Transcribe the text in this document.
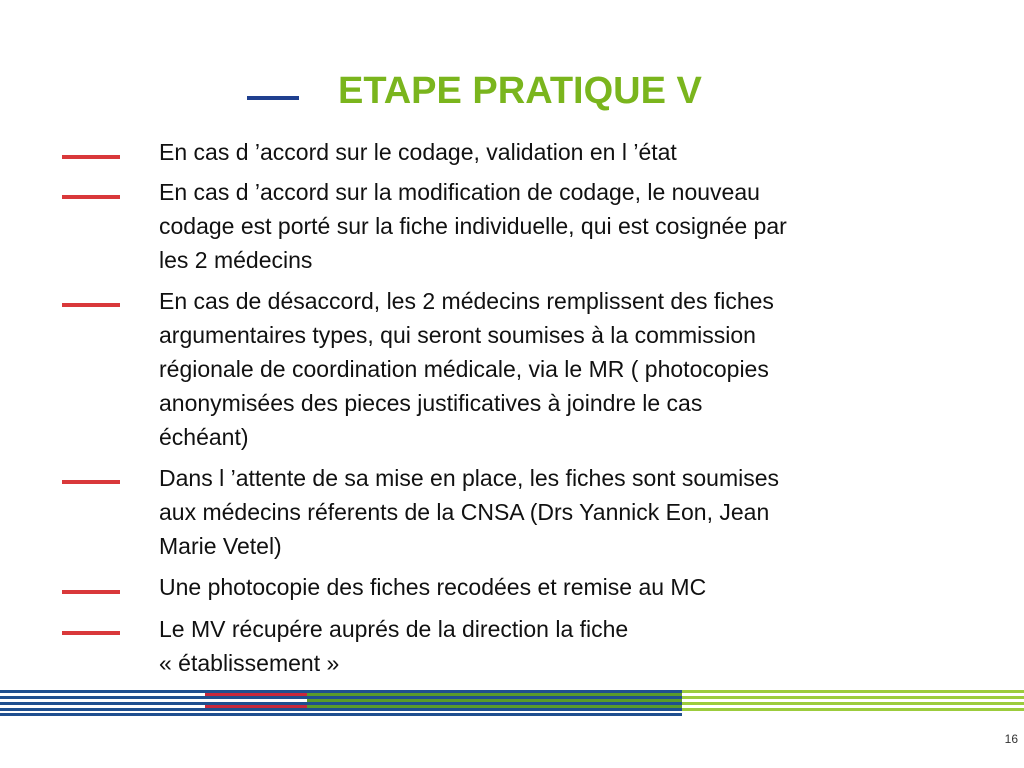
ETAPE PRATIQUE V

En cas d ’accord sur le codage, validation en l ’état

En cas d ’accord sur la modification de codage, le nouveau
codage est porté sur la fiche individuelle, qui est cosignée par
les 2 médecins

En cas de désaccord, les 2 médecins remplissent des fiches
argumentaires types, qui seront soumises à la commission
régionale de coordination médicale, via le MR ( photocopies
anonymisées des pieces justificatives à joindre le cas
échéant)

Dans l ’attente de sa mise en place, les fiches sont soumises
aux médecins réferents de la CNSA (Drs Yannick Eon, Jean
Marie Vetel)

Une photocopie des fiches recodées et remise au MC

Le MV récupére auprés de la direction la fiche
« établissement »

16
